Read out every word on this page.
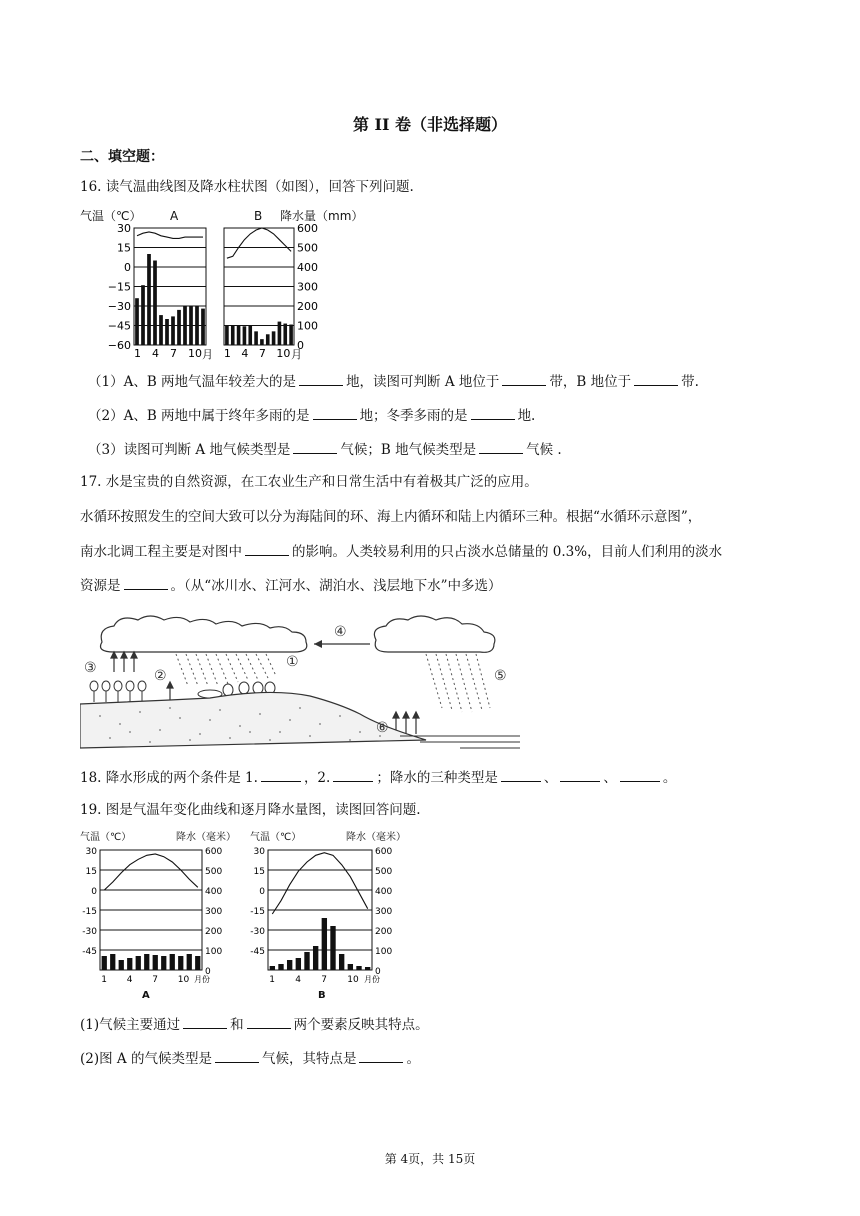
第 II 卷（非选择题）
二、填空题：
16. 读气温曲线图及降水柱状图（如图），回答下列问题.
气温（℃） A	B 降水量（mm）
1 4 7 10
30
15
0
−15
−30
−45
−60
1 4 7 10
600
500
400
300
200
100
0
月	月
（1）A、B 两地气温年较差大的是	地，读图可判断 A 地位于	带，B 地位于	带.
（2）A、B 两地中属于终年多雨的是	地；冬季多雨的是	地.
（3）读图可判断 A 地气候类型是	气候；B 地气候类型是	气候 .
17. 水是宝贵的自然资源，在工农业生产和日常生活中有着极其广泛的应用。
水循环按照发生的空间大致可以分为海陆间的环、海上内循环和陆上内循环三种。根据“水循环示意图”，
南水北调工程主要是对图中	的影响。人类较易利用的只占淡水总储量的 0.3%，目前人们利用的淡水
资源是	。（从“冰川水、江河水、湖泊水、浅层地下水”中多选）
③	②
①
④
⑤
⑥
18. 降水形成的两个条件是 1.	，2.	；降水的三种类型是	、	、	。
19. 图是气温年变化曲线和逐月降水量图，读图回答问题.
气温（℃）	降水（毫米） 气温（℃）	降水（毫米）
A	B
1 4 7 10 月份
30
15
0
-15
-30
-45
600
500
400
300
200
100
0
1 4 7 10 月份
30
15
0
-15
-30
-45
600
500
400
300
200
100
0
(1)气候主要通过	和	两个要素反映其特点。
(2)图 A 的气候类型是	气候，其特点是	。
第 4页，共 15页
